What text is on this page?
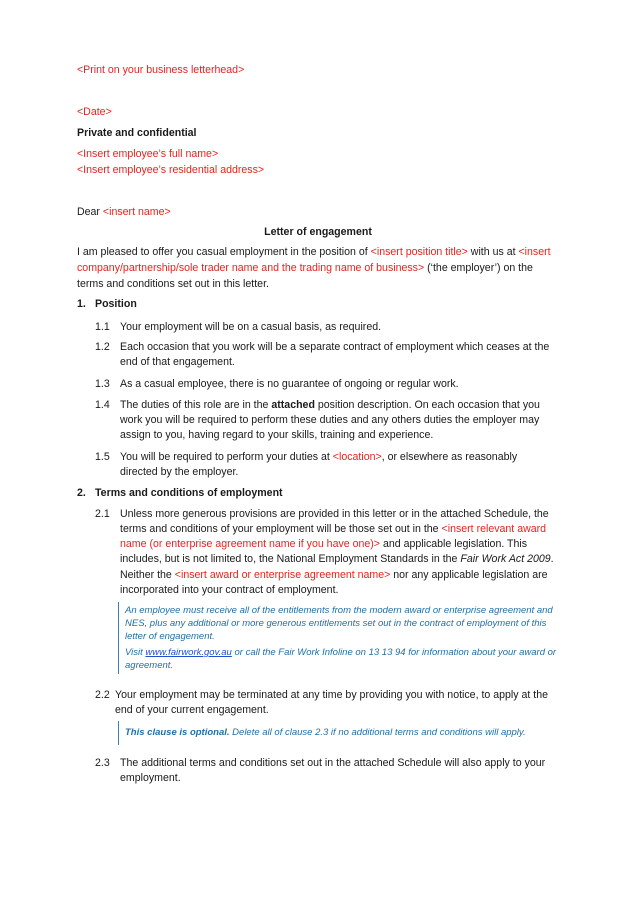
<Print on your business letterhead>
<Date>
Private and confidential
<Insert employee’s full name>
<Insert employee’s residential address>
Dear <insert name>
Letter of engagement
I am pleased to offer you casual employment in the position of <insert position title> with us at <insert
company/partnership/sole trader name and the trading name of business> (‘the employer’) on the
terms and conditions set out in this letter.
1. Position
1.1 Your employment will be on a casual basis, as required.
1.2 Each occasion that you work will be a separate contract of employment which ceases at the
end of that engagement.
1.3 As a casual employee, there is no guarantee of ongoing or regular work.
1.4 The duties of this role are in the attached position description. On each occasion that you
work you will be required to perform these duties and any others duties the employer may
assign to you, having regard to your skills, training and experience.
1.5 You will be required to perform your duties at <location>, or elsewhere as reasonably
directed by the employer.
2. Terms and conditions of employment
2.1 Unless more generous provisions are provided in this letter or in the attached Schedule, the
terms and conditions of your employment will be those set out in the <insert relevant award
name (or enterprise agreement name if you have one)> and applicable legislation. This
includes, but is not limited to, the National Employment Standards in the Fair Work Act 2009.
Neither the <insert award or enterprise agreement name> nor any applicable legislation are
incorporated into your contract of employment.
An employee must receive all of the entitlements from the modern award or enterprise agreement and
NES, plus any additional or more generous entitlements set out in the contract of employment of this
letter of engagement.
Visit www.fairwork.gov.au or call the Fair Work Infoline on 13 13 94 for information about your award or
agreement.
2.2 Your employment may be terminated at any time by providing you with notice, to apply at the
end of your current engagement.
This clause is optional. Delete all of clause 2.3 if no additional terms and conditions will apply.
2.3 The additional terms and conditions set out in the attached Schedule will also apply to your
employment.
